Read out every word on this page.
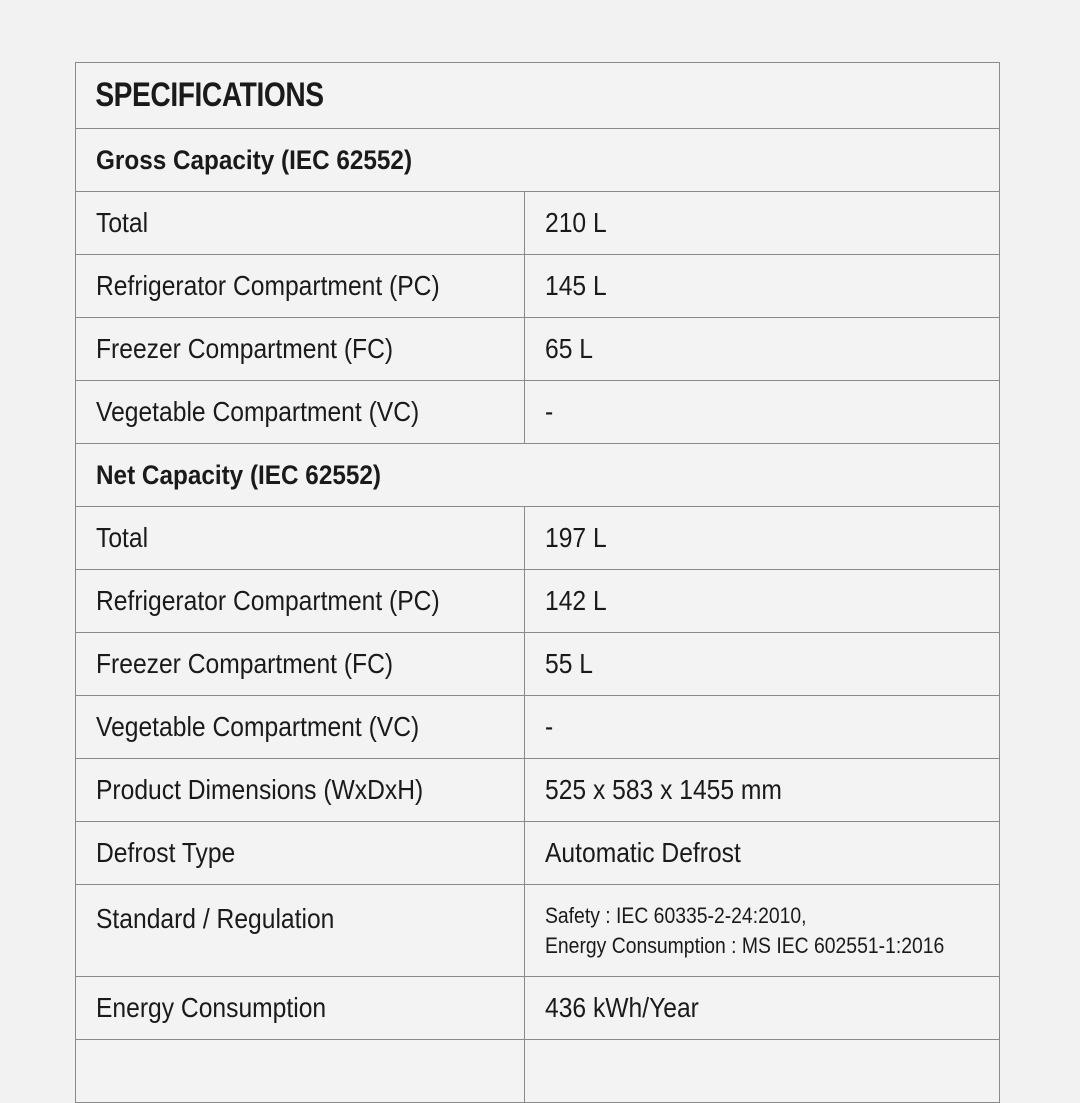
SPECIFICATIONS	
Gross Capacity (IEC 62552)	
Total	210 L
Refrigerator Compartment (PC)	145 L
Freezer Compartment (FC)	65 L
Vegetable Compartment (VC)	-
Net Capacity (IEC 62552)	
Total	197 L
Refrigerator Compartment (PC)	142 L
Freezer Compartment (FC)	55 L
Vegetable Compartment (VC)	-
Product Dimensions (WxDxH)	525 x 583 x 1455 mm
Defrost Type	Automatic Defrost
Standard / Regulation	Safety : IEC 60335-2-24:2010,
Energy Consumption : MS IEC 602551-1:2016
Energy Consumption	436 kWh/Year
